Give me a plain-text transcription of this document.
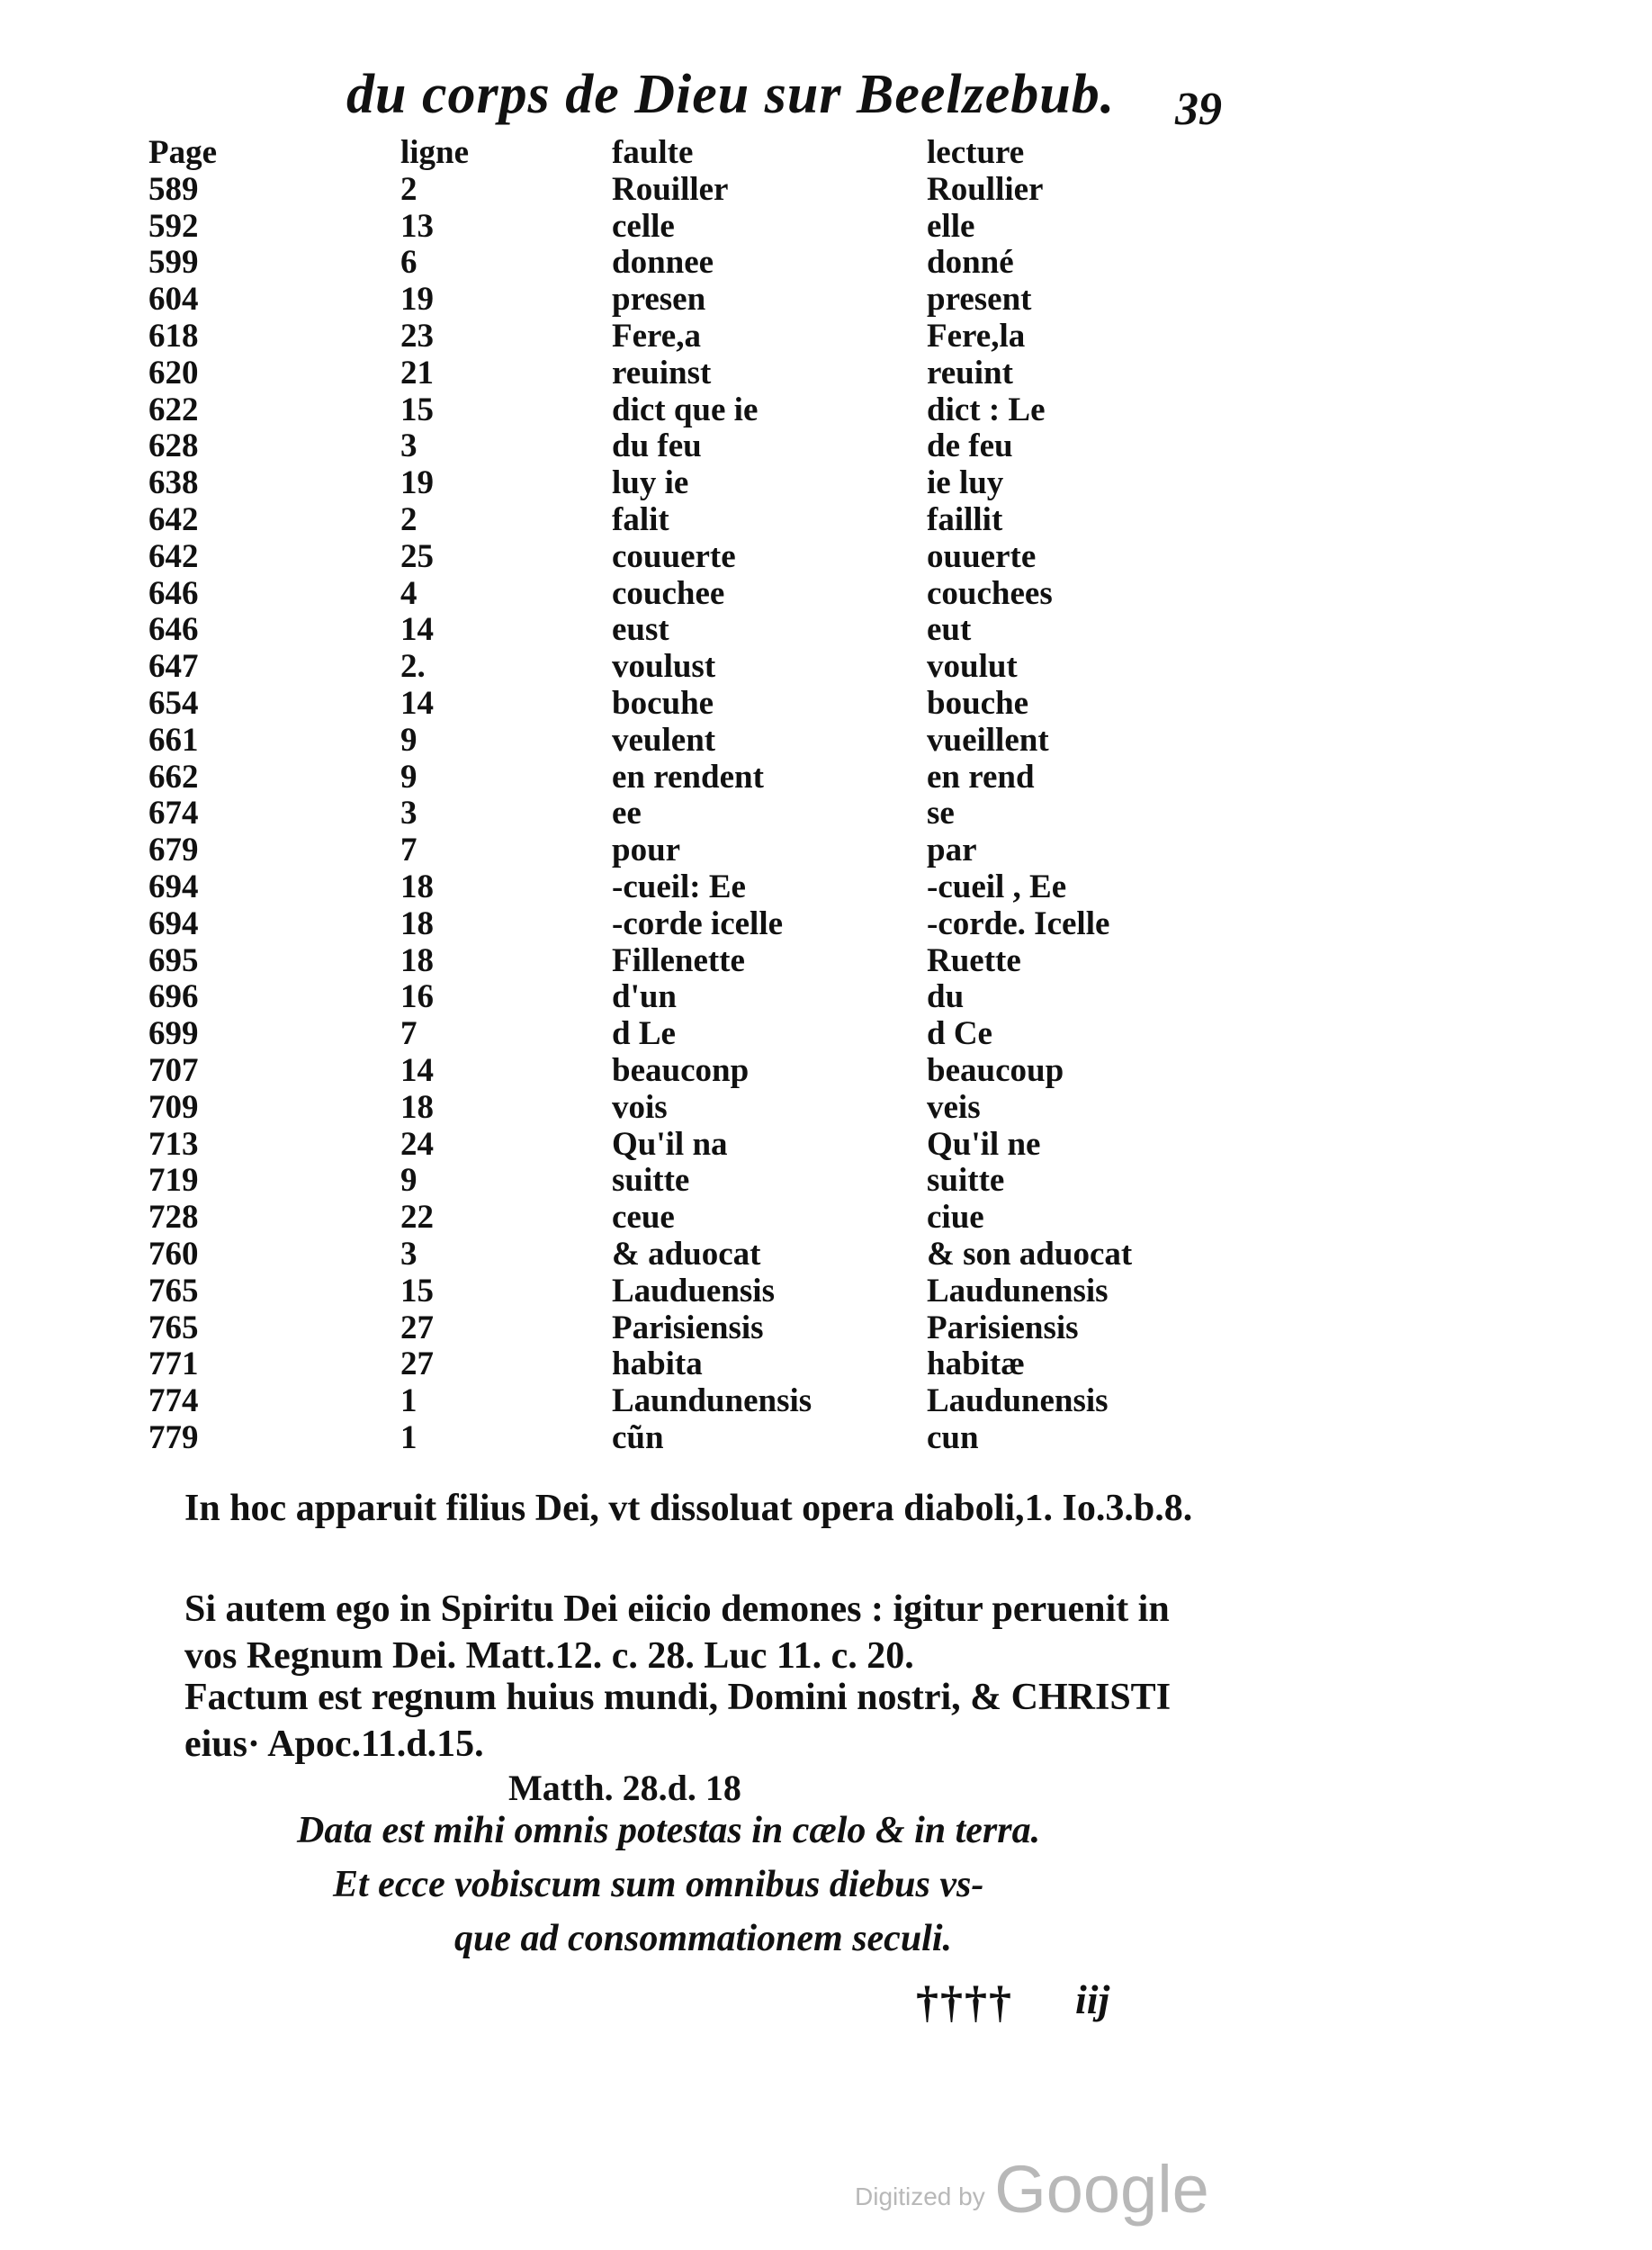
du corps de Dieu sur Beelzebub. 39
Page	ligne	faulte	lecture
589	2	Rouiller	Roullier
592	13	celle	elle
599	6	donnee	donné
604	19	presen	present
618	23	Fere,a	Fere,la
620	21	reuinst	reuint
622	15	dict que ie	dict : Le
628	3	du feu	de feu
638	19	luy ie	ie luy
642	2	falit	faillit
642	25	couuerte	ouuerte
646	4	couchee	couchees
646	14	eust	eut
647	2.	voulust	voulut
654	14	bocuhe	bouche
661	9	veulent	vueillent
662	9	en rendent	en rend
674	3	ee	se
679	7	pour	par
694	18	-cueil: Ee	-cueil , Ee
694	18	-corde icelle	-corde. Icelle
695	18	Fillenette	Ruette
696	16	d'un	du
699	7	d Le	d Ce
707	14	beauconp	beaucoup
709	18	vois	veis
713	24	Qu'il na	Qu'il ne
719	9	suitte	suitte
728	22	ceue	ciue
760	3	& aduocat	& son aduocat
765	15	Lauduensis	Laudunensis
765	27	Parisiensis	Parisiensis
771	27	habita	habitæ
774	1	Laundunensis	Laudunensis
779	1	cũn	cun
In hoc apparuit filius Dei, vt dissoluat opera diaboli,1. Io.3.b.8.
Si autem ego in Spiritu Dei eiicio demones : igitur peruenit in
vos Regnum Dei. Matt.12. c. 28. Luc 11. c. 20.
Factum est regnum huius mundi, Domini nostri, & CHRISTI
eius· Apoc.11.d.15.
Matth. 28.d. 18
Data est mihi omnis potestas in cælo & in terra.
Et ecce vobiscum sum omnibus diebus vs-
que ad consommationem seculi.
†††† iij
Digitized by Google
